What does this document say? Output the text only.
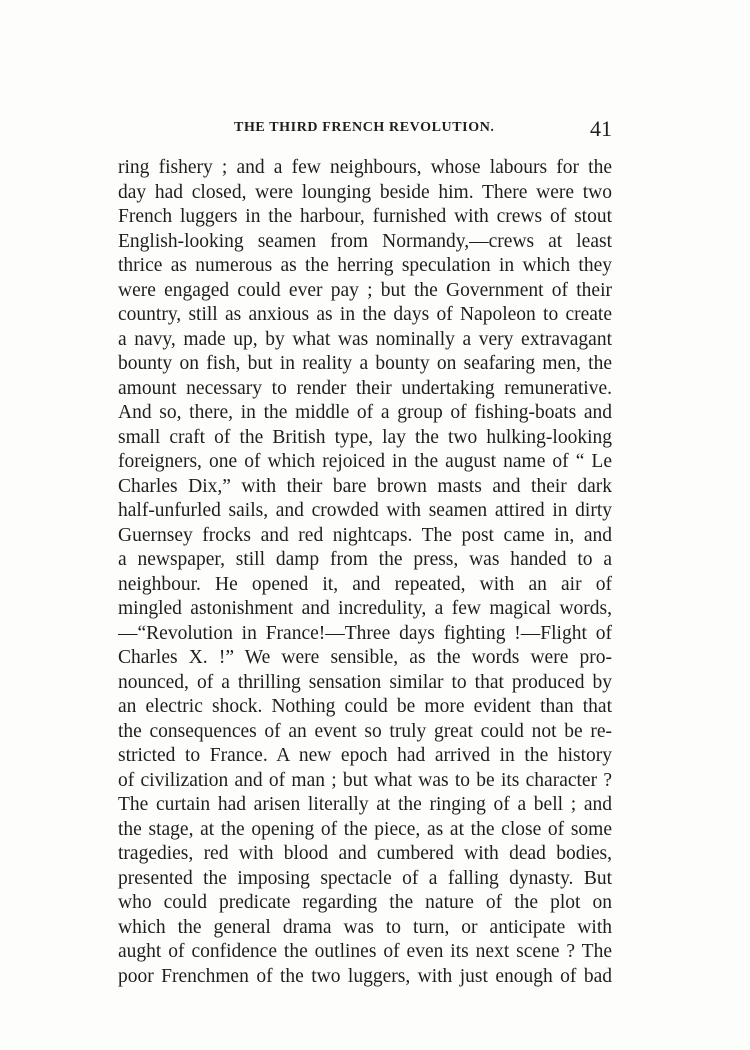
THE THIRD FRENCH REVOLUTION.	41
ring fishery ; and a few neighbours, whose labours for the
day had closed, were lounging beside him. There were two
French luggers in the harbour, furnished with crews of stout
English-looking seamen from Normandy,—crews at least
thrice as numerous as the herring speculation in which they
were engaged could ever pay ; but the Government of their
country, still as anxious as in the days of Napoleon to create
a navy, made up, by what was nominally a very extravagant
bounty on fish, but in reality a bounty on seafaring men, the
amount necessary to render their undertaking remunerative.
And so, there, in the middle of a group of fishing-boats and
small craft of the British type, lay the two hulking-looking
foreigners, one of which rejoiced in the august name of “ Le
Charles Dix,” with their bare brown masts and their dark
half-unfurled sails, and crowded with seamen attired in dirty
Guernsey frocks and red nightcaps. The post came in, and
a newspaper, still damp from the press, was handed to a
neighbour. He opened it, and repeated, with an air of
mingled astonishment and incredulity, a few magical words,
—“Revolution in France!—Three days fighting !—Flight of
Charles X. !” We were sensible, as the words were pro-
nounced, of a thrilling sensation similar to that produced by
an electric shock. Nothing could be more evident than that
the consequences of an event so truly great could not be re-
stricted to France. A new epoch had arrived in the history
of civilization and of man ; but what was to be its character ?
The curtain had arisen literally at the ringing of a bell ; and
the stage, at the opening of the piece, as at the close of some
tragedies, red with blood and cumbered with dead bodies,
presented the imposing spectacle of a falling dynasty. But
who could predicate regarding the nature of the plot on
which the general drama was to turn, or anticipate with
aught of confidence the outlines of even its next scene ? The
poor Frenchmen of the two luggers, with just enough of bad
